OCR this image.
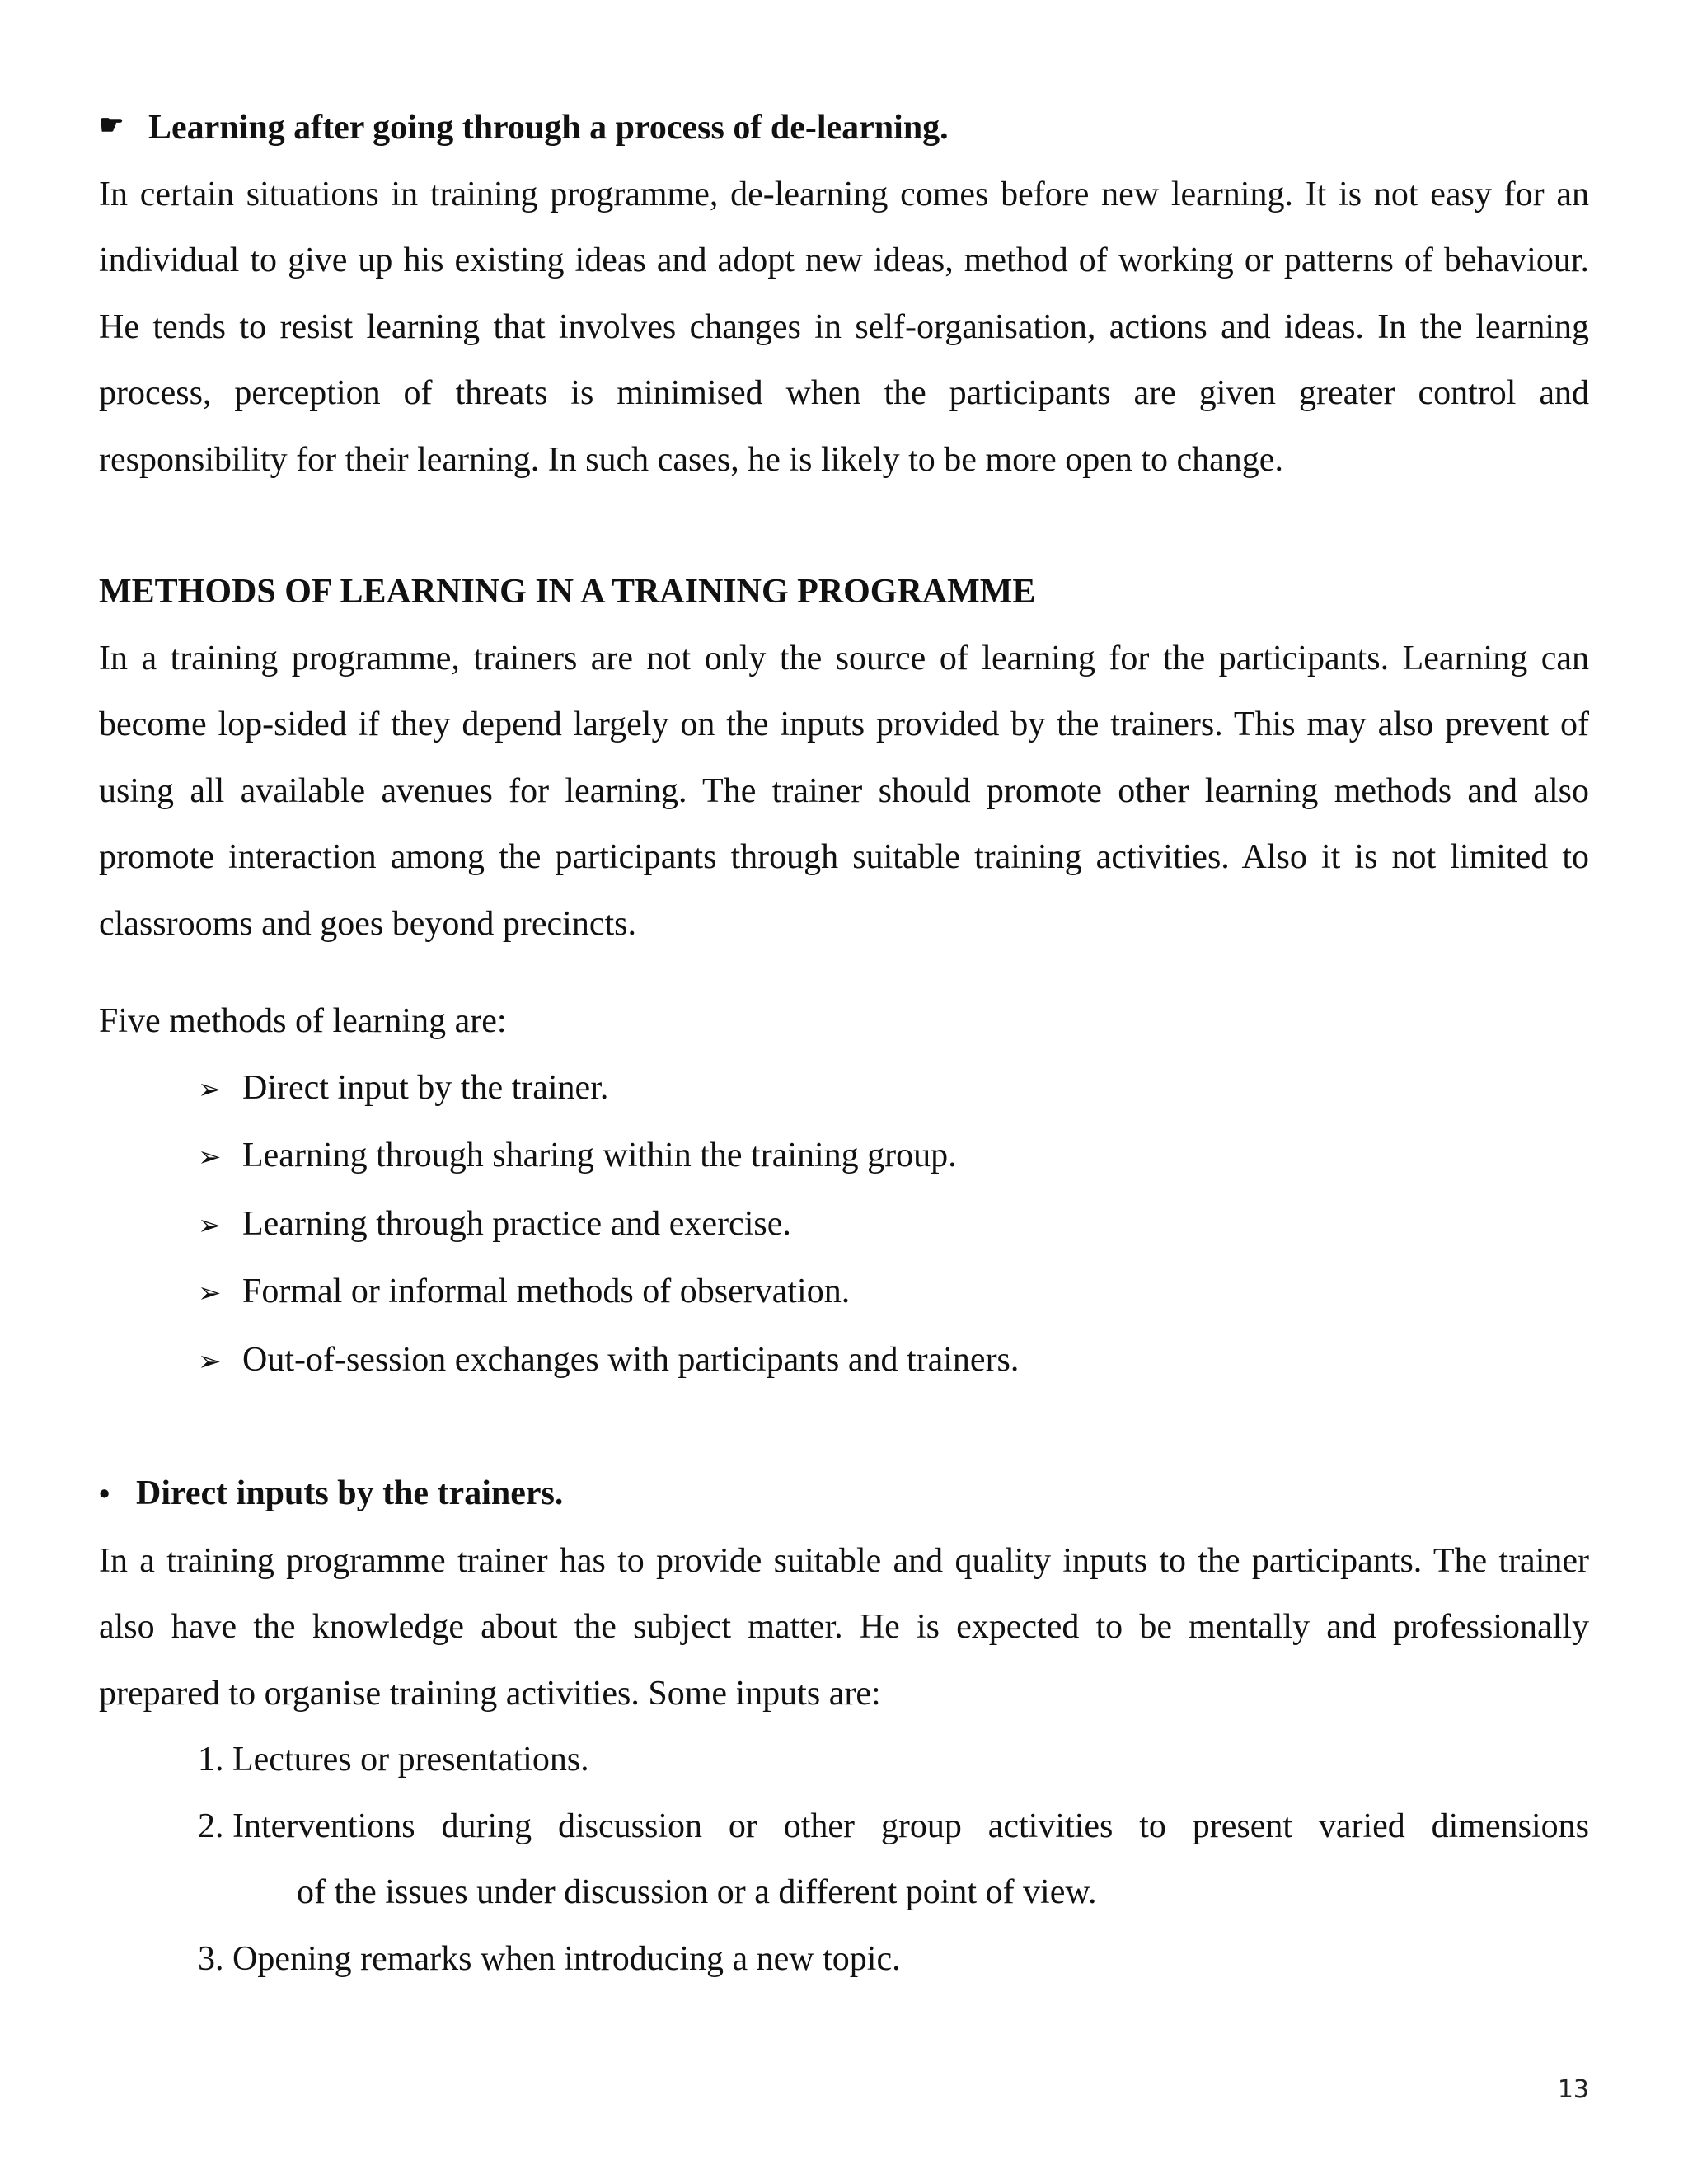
☛ Learning after going through a process of de-learning.

In certain situations in training programme, de-learning comes before new learning. It is not easy for an individual to give up his existing ideas and adopt new ideas, method of working or patterns of behaviour. He tends to resist learning that involves changes in self-organisation, actions and ideas. In the learning process, perception of threats is minimised when the participants are given greater control and responsibility for their learning. In such cases, he is likely to be more open to change.

METHODS OF LEARNING IN A TRAINING PROGRAMME

In a training programme, trainers are not only the source of learning for the participants. Learning can become lop-sided if they depend largely on the inputs provided by the trainers. This may also prevent of using all available avenues for learning. The trainer should promote other learning methods and also promote interaction among the participants through suitable training activities. Also it is not limited to classrooms and goes beyond precincts.

Five methods of learning are:
➢ Direct input by the trainer.
➢ Learning through sharing within the training group.
➢ Learning through practice and exercise.
➢ Formal or informal methods of observation.
➢ Out-of-session exchanges with participants and trainers.
• Direct inputs by the trainers.

In a training programme trainer has to provide suitable and quality inputs to the participants. The trainer also have the knowledge about the subject matter. He is expected to be mentally and professionally prepared to organise training activities. Some inputs are:

1. Lectures or presentations.
2. Interventions during discussion or other group activities to present varied dimensions
of the issues under discussion or a different point of view.
3. Opening remarks when introducing a new topic.
13
